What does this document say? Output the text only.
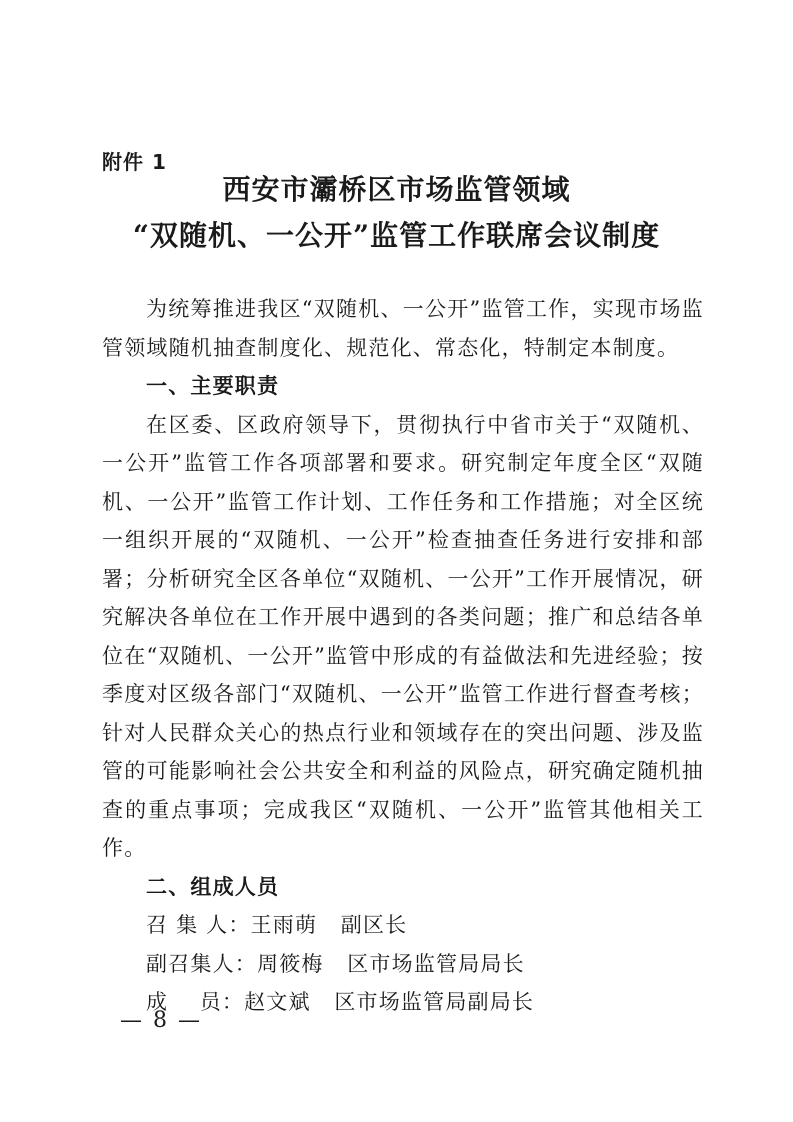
附件 1

西安市灞桥区市场监管领域
“双随机、一公开”监管工作联席会议制度

为统筹推进我区“双随机、一公开”监管工作，实现市场监管领域随机抽查制度化、规范化、常态化，特制定本制度。

一、主要职责

在区委、区政府领导下，贯彻执行中省市关于“双随机、一公开”监管工作各项部署和要求。研究制定年度全区“双随机、一公开”监管工作计划、工作任务和工作措施；对全区统一组织开展的“双随机、一公开”检查抽查任务进行安排和部署；分析研究全区各单位“双随机、一公开”工作开展情况，研究解决各单位在工作开展中遇到的各类问题；推广和总结各单位在“双随机、一公开”监管中形成的有益做法和先进经验；按季度对区级各部门“双随机、一公开”监管工作进行督查考核；针对人民群众关心的热点行业和领域存在的突出问题、涉及监管的可能影响社会公共安全和利益的风险点，研究确定随机抽查的重点事项；完成我区“双随机、一公开”监管其他相关工作。

二、组成人员

召 集 人：王雨萌   副区长

副召集人：周筱梅   区市场监管局局长

成    员：赵文斌   区市场监管局副局长

— 8 —
